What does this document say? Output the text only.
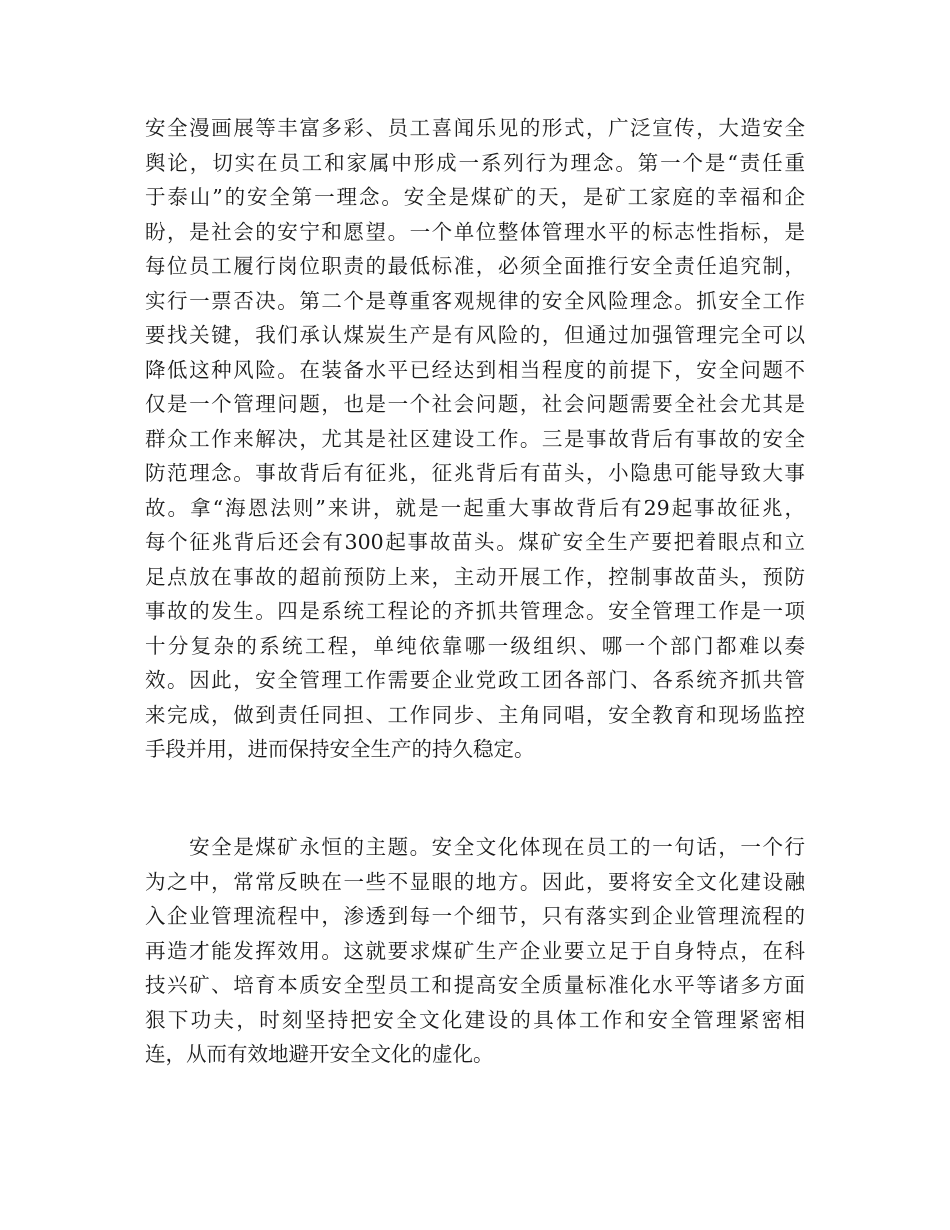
安全漫画展等丰富多彩、员工喜闻乐见的形式，广泛宣传，大造安全
舆论，切实在员工和家属中形成一系列行为理念。第一个是“责任重
于泰山”的安全第一理念。安全是煤矿的天，是矿工家庭的幸福和企
盼，是社会的安宁和愿望。一个单位整体管理水平的标志性指标，是
每位员工履行岗位职责的最低标准，必须全面推行安全责任追究制，
实行一票否决。第二个是尊重客观规律的安全风险理念。抓安全工作
要找关键，我们承认煤炭生产是有风险的，但通过加强管理完全可以
降低这种风险。在装备水平已经达到相当程度的前提下，安全问题不
仅是一个管理问题，也是一个社会问题，社会问题需要全社会尤其是
群众工作来解决，尤其是社区建设工作。三是事故背后有事故的安全
防范理念。事故背后有征兆，征兆背后有苗头，小隐患可能导致大事
故。拿“海恩法则”来讲，就是一起重大事故背后有29起事故征兆，
每个征兆背后还会有300起事故苗头。煤矿安全生产要把着眼点和立
足点放在事故的超前预防上来，主动开展工作，控制事故苗头，预防
事故的发生。四是系统工程论的齐抓共管理念。安全管理工作是一项
十分复杂的系统工程，单纯依靠哪一级组织、哪一个部门都难以奏
效。因此，安全管理工作需要企业党政工团各部门、各系统齐抓共管
来完成，做到责任同担、工作同步、主角同唱，安全教育和现场监控
手段并用，进而保持安全生产的持久稳定。
　　安全是煤矿永恒的主题。安全文化体现在员工的一句话，一个行
为之中，常常反映在一些不显眼的地方。因此，要将安全文化建设融
入企业管理流程中，渗透到每一个细节，只有落实到企业管理流程的
再造才能发挥效用。这就要求煤矿生产企业要立足于自身特点，在科
技兴矿、培育本质安全型员工和提高安全质量标准化水平等诸多方面
狠下功夫，时刻坚持把安全文化建设的具体工作和安全管理紧密相
连，从而有效地避开安全文化的虚化。
